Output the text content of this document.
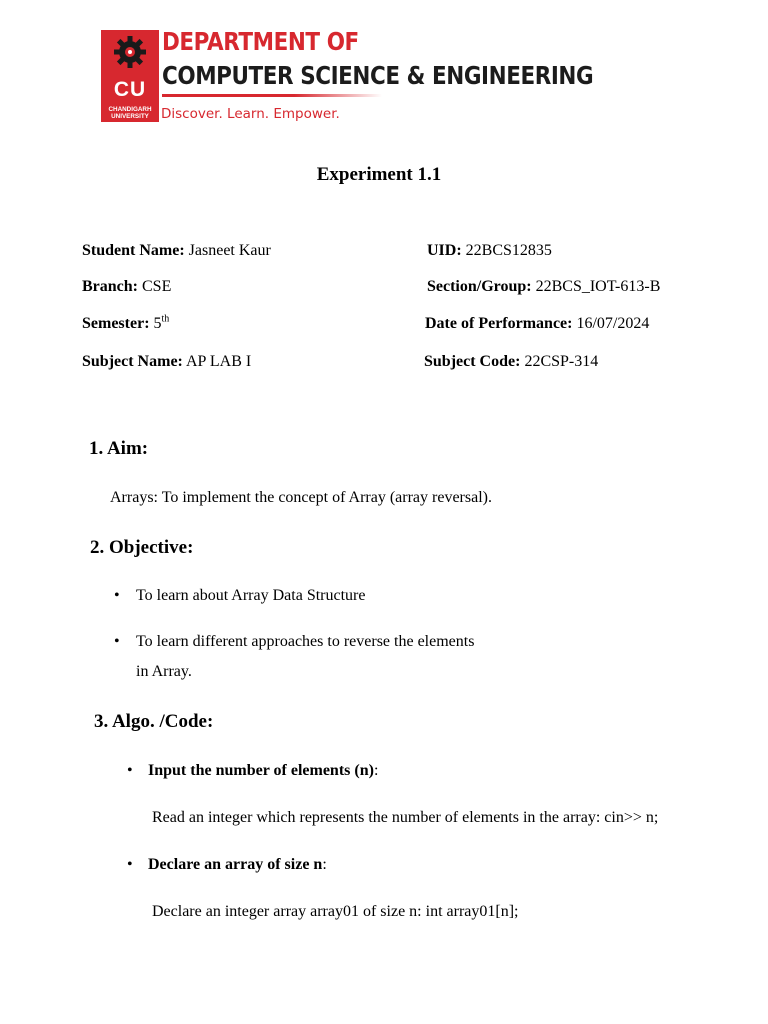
CU
CHANDIGARH UNIVERSITY
DEPARTMENT OF
COMPUTER SCIENCE & ENGINEERING
Discover. Learn. Empower.
Experiment 1.1
Student Name: Jasneet Kaur	UID: 22BCS12835
Branch: CSE	Section/Group: 22BCS_IOT-613-B
Semester: 5th	Date of Performance: 16/07/2024
Subject Name: AP LAB I	Subject Code: 22CSP-314
1. Aim:
Arrays: To implement the concept of Array (array reversal).
2. Objective:
• To learn about Array Data Structure
• To learn different approaches to reverse the elements
in Array.
3. Algo. /Code:
• Input the number of elements (n):
Read an integer which represents the number of elements in the array: cin>> n;
• Declare an array of size n:
Declare an integer array array01 of size n: int array01[n];
